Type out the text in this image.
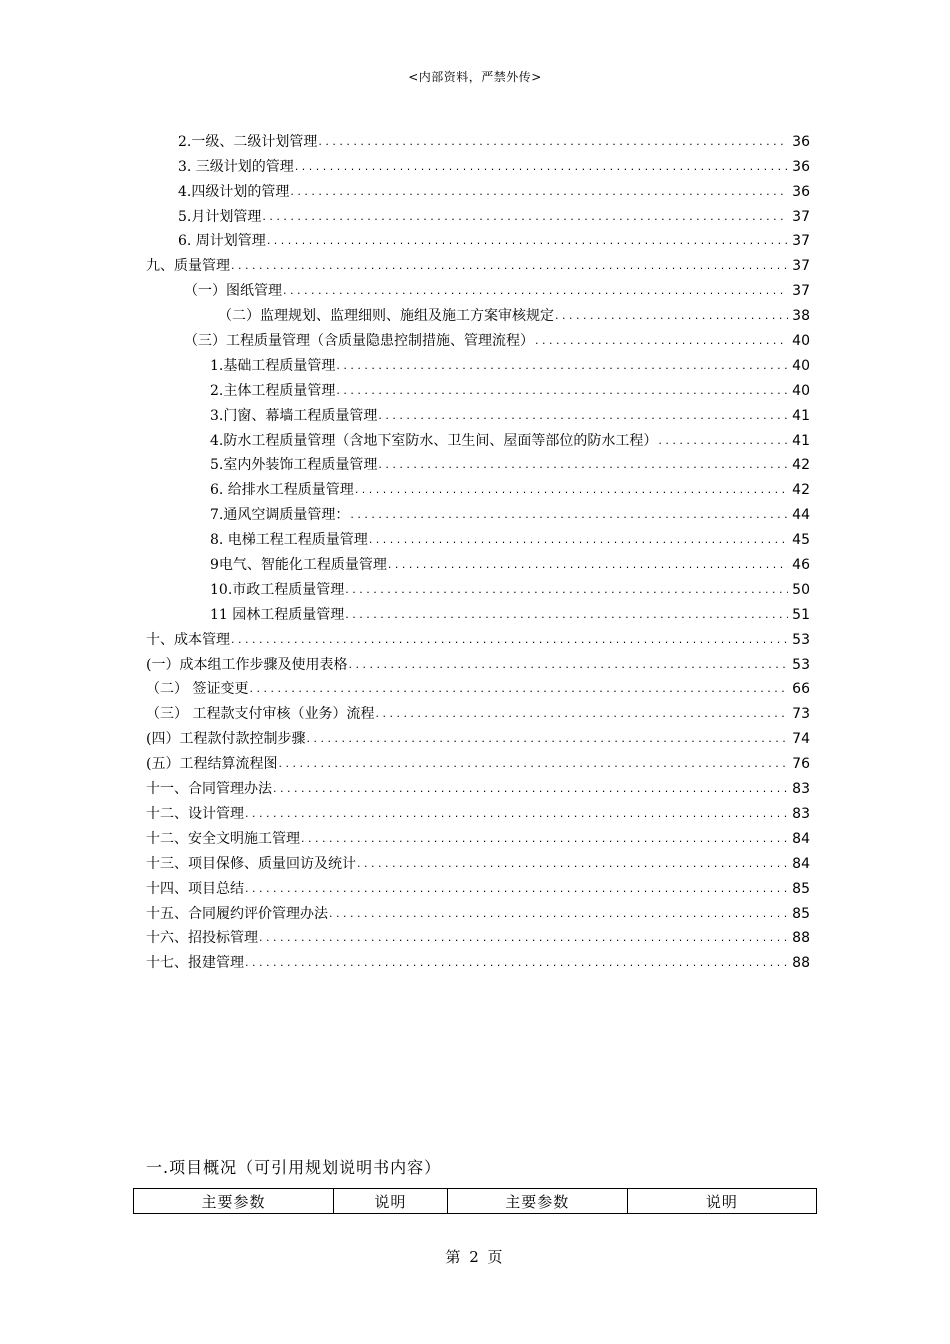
<内部资料，严禁外传>
2.一级、二级计划管理 .....	36
3. 三级计划的管理 .....	36
4.四级计划的管理 .....	36
5.月计划管理 .....	37
6. 周计划管理 .....	37
九、质量管理 .....	37
（一）图纸管理 .....	37
（二）监理规划、监理细则、施组及施工方案审核规定 .....	38
（三）工程质量管理（含质量隐患控制措施、管理流程） .....	40
1.基础工程质量管理 .....	40
2.主体工程质量管理 .....	40
3.门窗、幕墙工程质量管理 .....	41
4.防水工程质量管理（含地下室防水、卫生间、屋面等部位的防水工程） .....	41
5.室内外装饰工程质量管理 .....	42
6. 给排水工程质量管理 .....	42
7.通风空调质量管理： .....	44
8. 电梯工程工程质量管理 .....	45
9电气、智能化工程质量管理 .....	46
10.市政工程质量管理 .....	50
11 园林工程质量管理 .....	51
十、成本管理 .....	53
(一）成本组工作步骤及使用表格 .....	53
（二） 签证变更 .....	66
（三） 工程款支付审核（业务）流程 .....	73
(四）工程款付款控制步骤 .....	74
(五）工程结算流程图 .....	76
十一、合同管理办法 .....	83
十二、设计管理 .....	83
十二、安全文明施工管理 .....	84
十三、项目保修、质量回访及统计 .....	84
十四、项目总结 .....	85
十五、合同履约评价管理办法 .....	85
十六、招投标管理 .....	88
十七、报建管理 .....	88
一.项目概况（可引用规划说明书内容）
主要参数	说明	主要参数	说明
第 2 页
